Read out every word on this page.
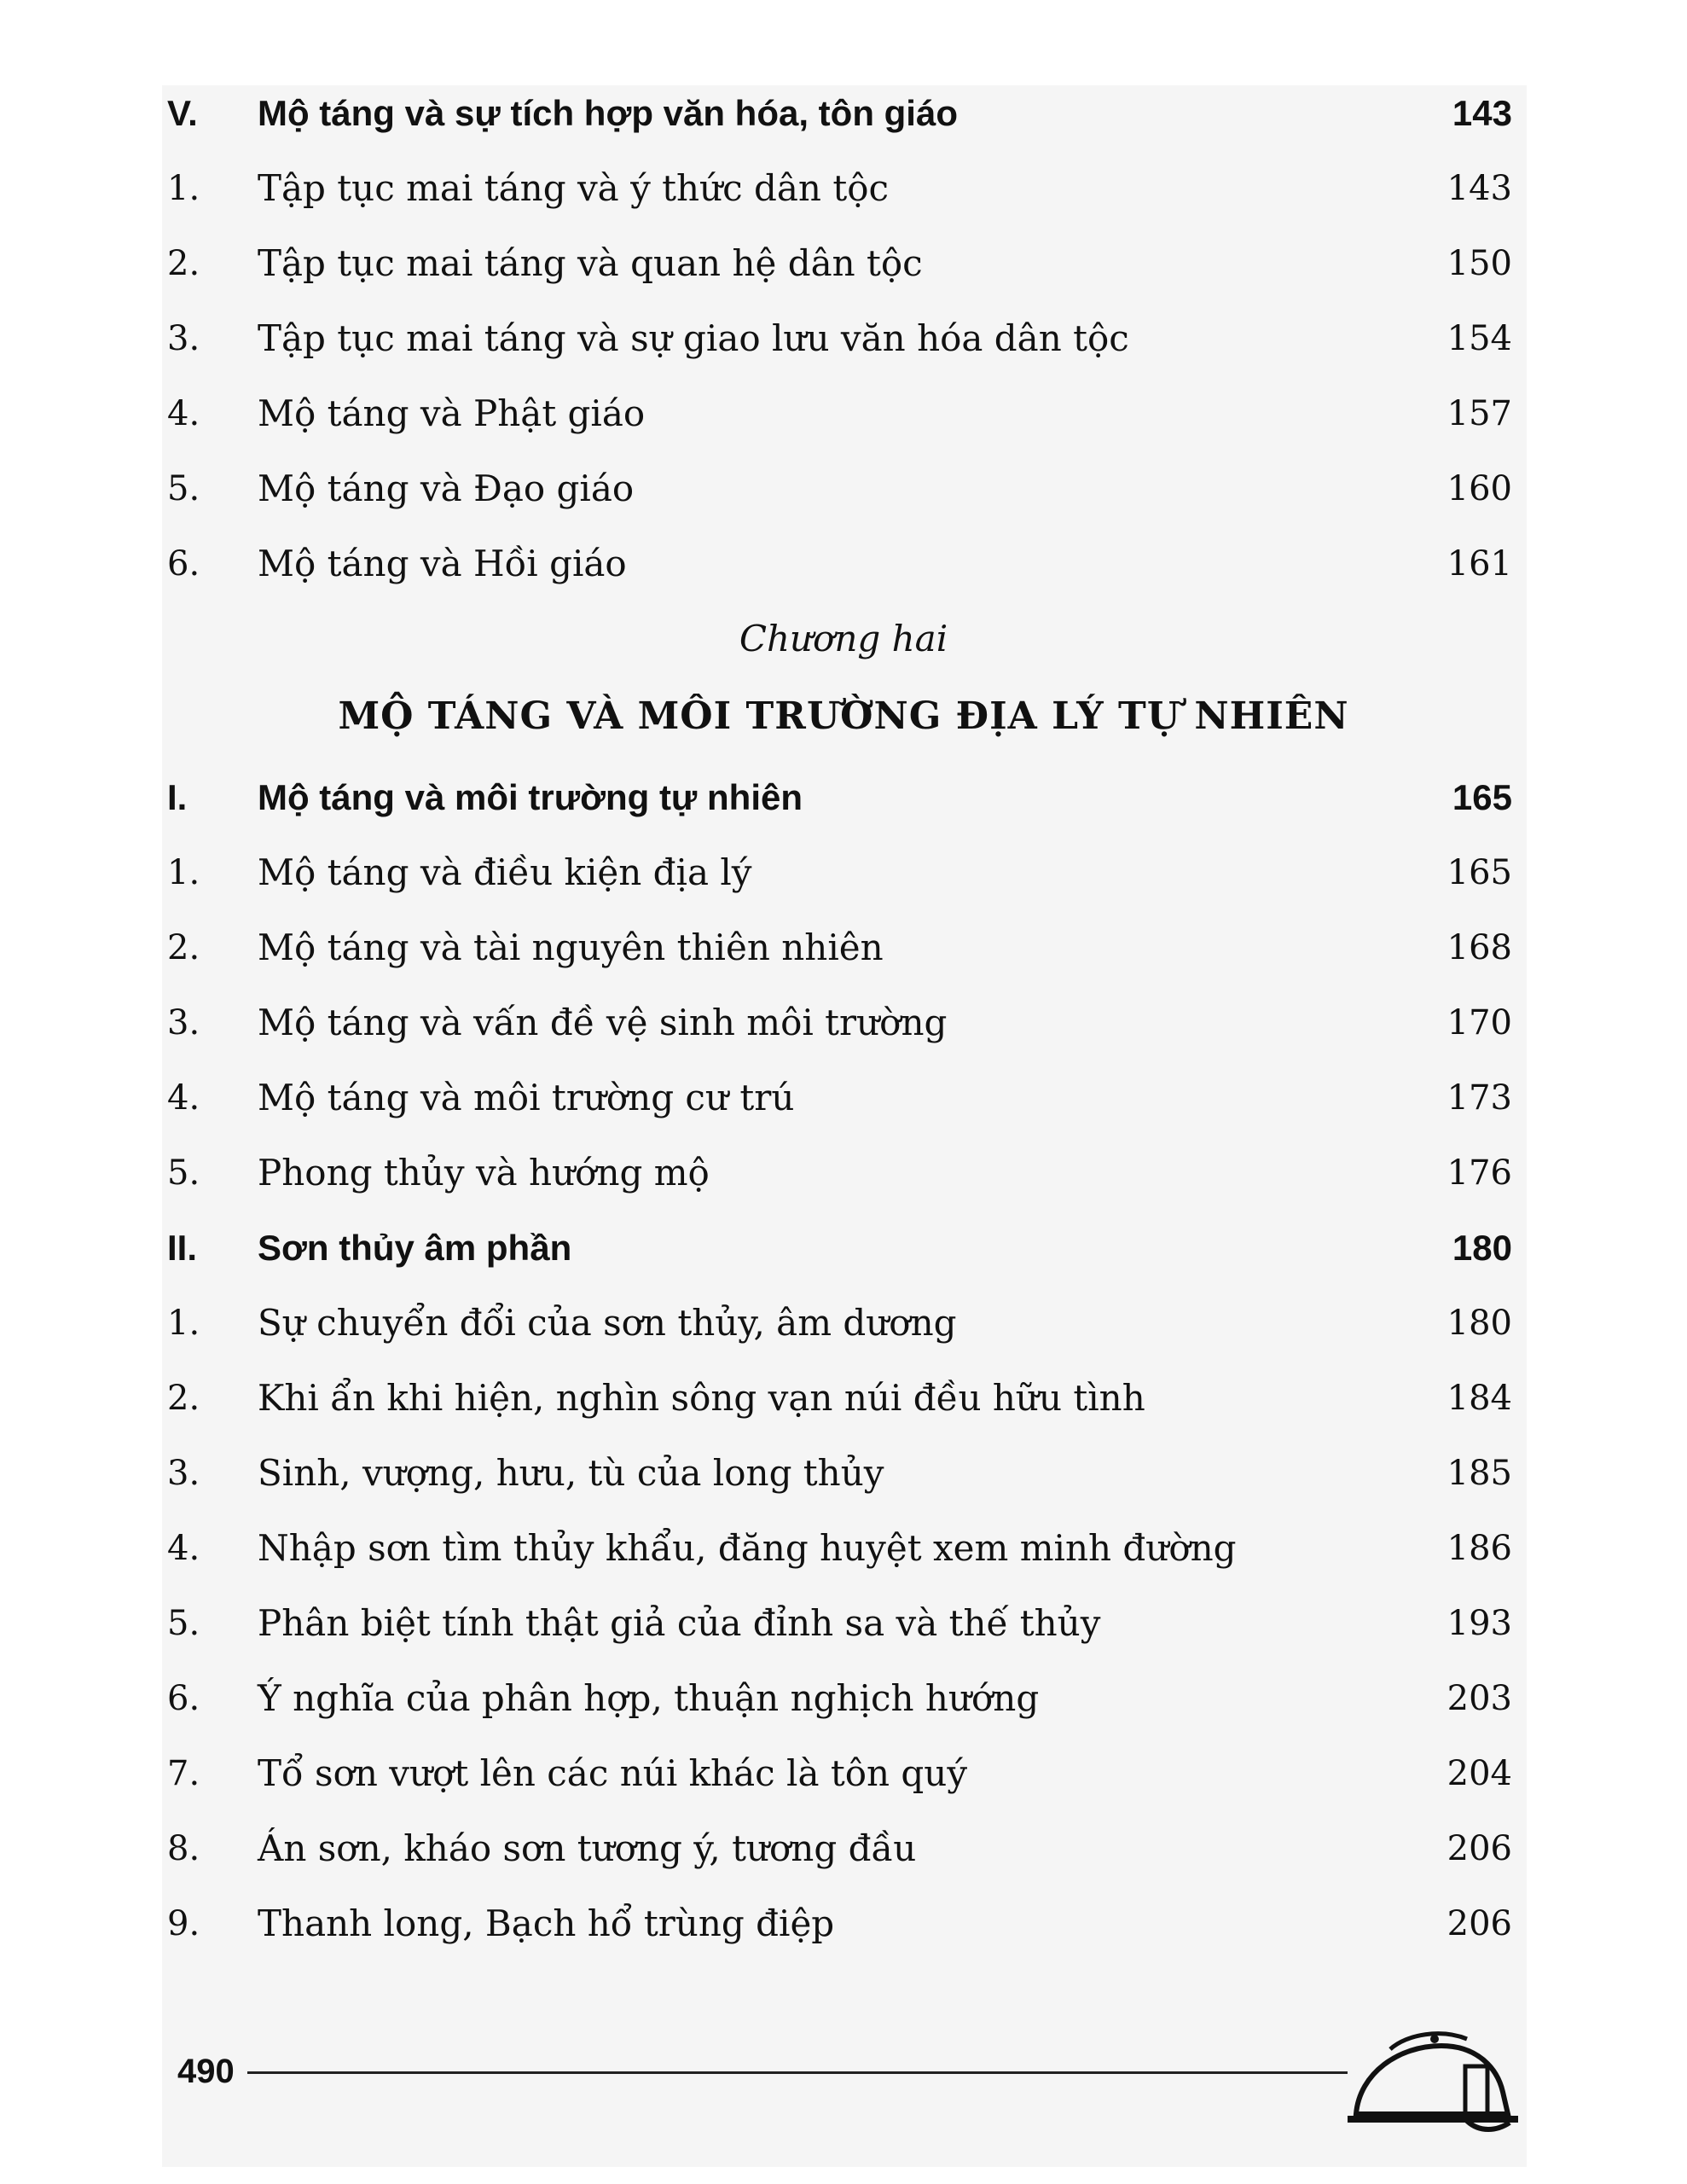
V. Mộ táng và sự tích hợp văn hóa, tôn giáo	143
1. Tập tục mai táng và ý thức dân tộc	143
2. Tập tục mai táng và quan hệ dân tộc	150
3. Tập tục mai táng và sự giao lưu văn hóa dân tộc	154
4. Mộ táng và Phật giáo	157
5. Mộ táng và Đạo giáo	160
6. Mộ táng và Hồi giáo	161
Chương hai
MỘ TÁNG VÀ MÔI TRƯỜNG ĐỊA LÝ TỰ NHIÊN
I. Mộ táng và môi trường tự nhiên	165
1. Mộ táng và điều kiện địa lý	165
2. Mộ táng và tài nguyên thiên nhiên	168
3. Mộ táng và vấn đề vệ sinh môi trường	170
4. Mộ táng và môi trường cư trú	173
5. Phong thủy và hướng mộ	176
II. Sơn thủy âm phần	180
1. Sự chuyển đổi của sơn thủy, âm dương	180
2. Khi ẩn khi hiện, nghìn sông vạn núi đều hữu tình	184
3. Sinh, vượng, hưu, tù của long thủy	185
4. Nhập sơn tìm thủy khẩu, đăng huyệt xem minh đường	186
5. Phân biệt tính thật giả của đỉnh sa và thế thủy	193
6. Ý nghĩa của phân hợp, thuận nghịch hướng	203
7. Tổ sơn vượt lên các núi khác là tôn quý	204
8. Án sơn, kháo sơn tương ý, tương đầu	206
9. Thanh long, Bạch hổ trùng điệp	206
490
